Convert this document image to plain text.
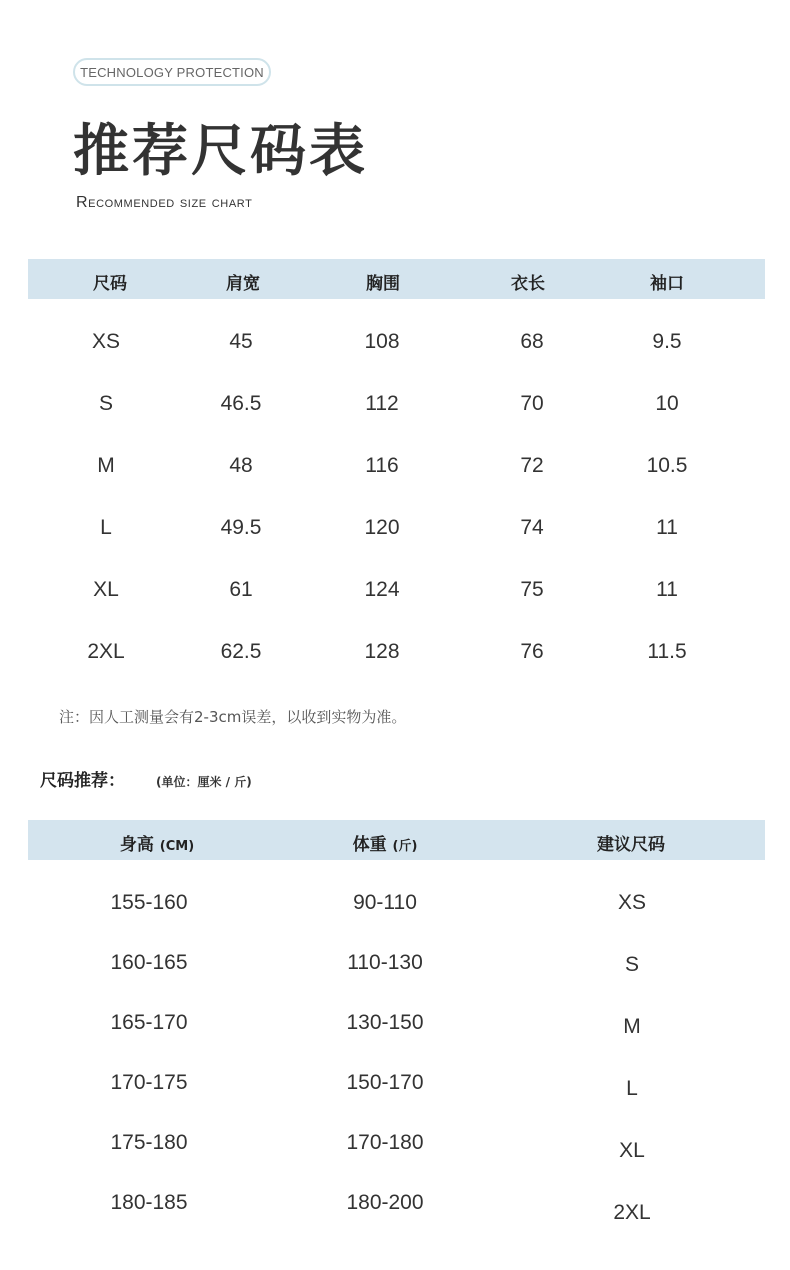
TECHNOLOGY PROTECTION
推荐尺码表
Recommended size chart
尺码	肩宽	胸围	衣长	袖口
XS	45	108	68	9.5
S	46.5	112	70	10
M	48	116	72	10.5
L	49.5	120	74	11
XL	61	124	75	11
2XL	62.5	128	76	11.5
注：因人工测量会有2-3cm误差，以收到实物为准。
尺码推荐：	(单位：厘米 / 斤)
身高 (CM)	体重 (斤)	建议尺码
155-160	90-110	XS
160-165	110-130	S
165-170	130-150	M
170-175	150-170	L
175-180	170-180	XL
180-185	180-200	2XL
